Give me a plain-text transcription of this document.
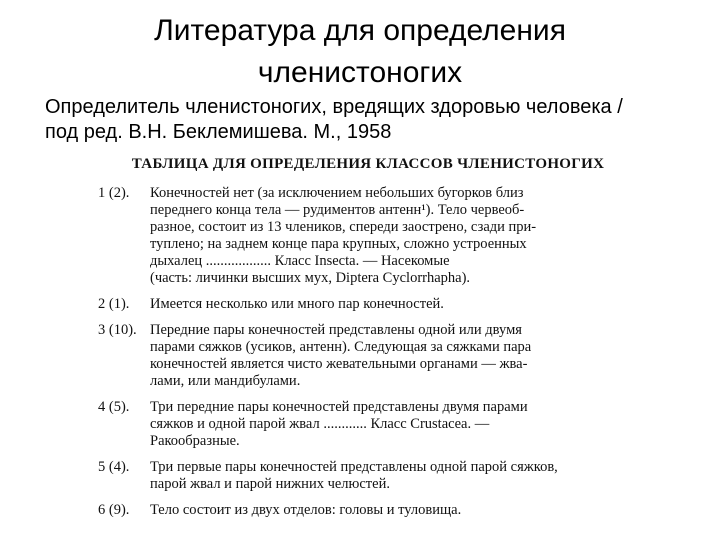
Литература для определения
членистоногих
Определитель членистоногих, вредящих здоровью человека /
под ред. В.Н. Беклемишева. М., 1958
ТАБЛИЦА ДЛЯ ОПРЕДЕЛЕНИЯ КЛАССОВ ЧЛЕНИСТОНОГИХ
1 (2).	Конечностей нет (за исключением небольших бугорков близ
переднего конца тела — рудиментов антенн¹). Тело червеоб-
разное, состоит из 13 члеников, спереди заострено, сзади при-
туплено; на заднем конце пара крупных, сложно устроенных
дыхалец .................. Класс Insecta. — Насекомые
(часть: личинки высших мух, Diptera Cyclorrhapha).
2 (1).	Имеется несколько или много пар конечностей.
3 (10). Передние пары конечностей представлены одной или двумя
парами сяжков (усиков, антенн). Следующая за сяжками пара
конечностей является чисто жевательными органами — жва-
лами, или мандибулами.
4 (5).	Три передние пары конечностей представлены двумя парами
сяжков и одной парой жвал ............ Класс Crustacea. —
Ракообразные.
5 (4).	Три первые пары конечностей представлены одной парой сяжков,
парой жвал и парой нижних челюстей.
6 (9).	Тело состоит из двух отделов: головы и туловища.
